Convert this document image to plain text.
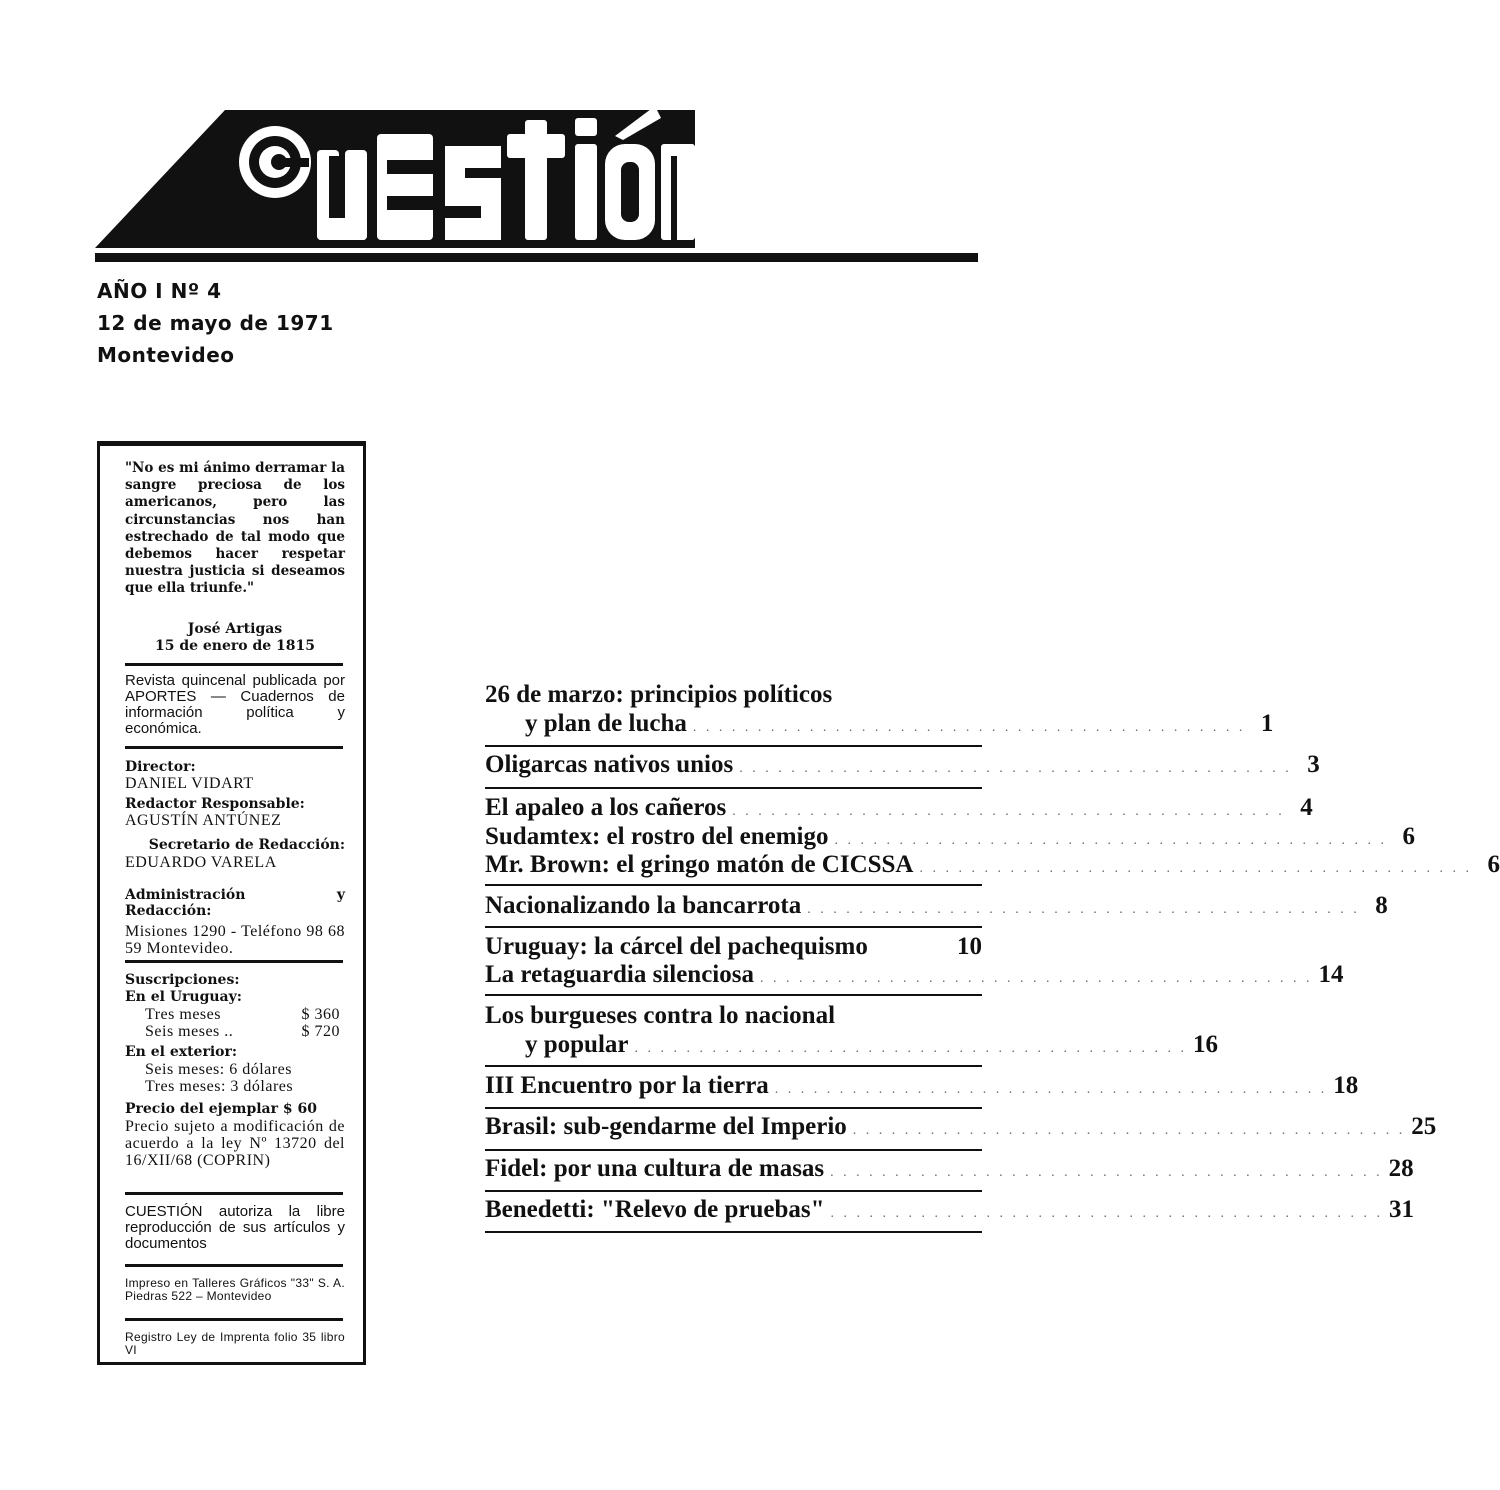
AÑO I Nº 4
12 de mayo de 1971
Montevideo
"No es mi ánimo derramar la sangre preciosa de los americanos, pero las circunstancias nos han estrechado de tal modo que debemos hacer respetar nuestra justicia si deseamos que ella triunfe."
José Artigas
15 de enero de 1815
Revista quincenal publicada por APORTES — Cuadernos de información política y económica.
Director:
DANIEL VIDART
Redactor Responsable:
AGUSTÍN ANTÚNEZ
Secretario de Redacción:
EDUARDO VARELA
Administración y Redacción:
Misiones 1290 - Teléfono 98 68 59 Montevideo.
Suscripciones:
En el Uruguay:
Tres meses	$ 360
Seis meses ..	$ 720
En el exterior:
Seis meses: 6 dólares
Tres meses: 3 dólares
Precio del ejemplar $ 60
Precio sujeto a modificación de acuerdo a la ley Nº 13720 del 16/XII/68 (COPRIN)
CUESTIÓN autoriza la libre reproducción de sus artículos y documentos
Impreso en Talleres Gráficos "33" S. A. Piedras 522 – Montevideo
Registro Ley de Imprenta folio 35 libro VI
26 de marzo: principios políticos
y plan de lucha . . . . . . . . . . . . . . . . . . . . . . . . . . . . . . . . . . . . . . . . . . . 1
Oligarcas nativos unios . . . . . . . . . . . . . . . . . . . . . . . . . . . . . . . . . . . . . . . . . . . 3
El apaleo a los cañeros . . . . . . . . . . . . . . . . . . . . . . . . . . . . . . . . . . . . . . . . . . . 4
Sudamtex: el rostro del enemigo . . . . . . . . . . . . . . . . . . . . . . . . . . . . . . . . . . . . . . . . . . . 6
Mr. Brown: el gringo matón de CICSSA . . . . . . . . . . . . . . . . . . . . . . . . . . . . . . . . . . . . . . . . . . . 6
Nacionalizando la bancarrota . . . . . . . . . . . . . . . . . . . . . . . . . . . . . . . . . . . . . . . . . . . 8
Uruguay: la cárcel del pachequismo	10
La retaguardia silenciosa . . . . . . . . . . . . . . . . . . . . . . . . . . . . . . . . . . . . . . . . . . . 14
Los burgueses contra lo nacional
y popular . . . . . . . . . . . . . . . . . . . . . . . . . . . . . . . . . . . . . . . . . . . 16
III Encuentro por la tierra . . . . . . . . . . . . . . . . . . . . . . . . . . . . . . . . . . . . . . . . . . . 18
Brasil: sub-gendarme del Imperio . . . . . . . . . . . . . . . . . . . . . . . . . . . . . . . . . . . . . . . . . . . 25
Fidel: por una cultura de masas . . . . . . . . . . . . . . . . . . . . . . . . . . . . . . . . . . . . . . . . . . . 28
Benedetti: "Relevo de pruebas" . . . . . . . . . . . . . . . . . . . . . . . . . . . . . . . . . . . . . . . . . . . 31
